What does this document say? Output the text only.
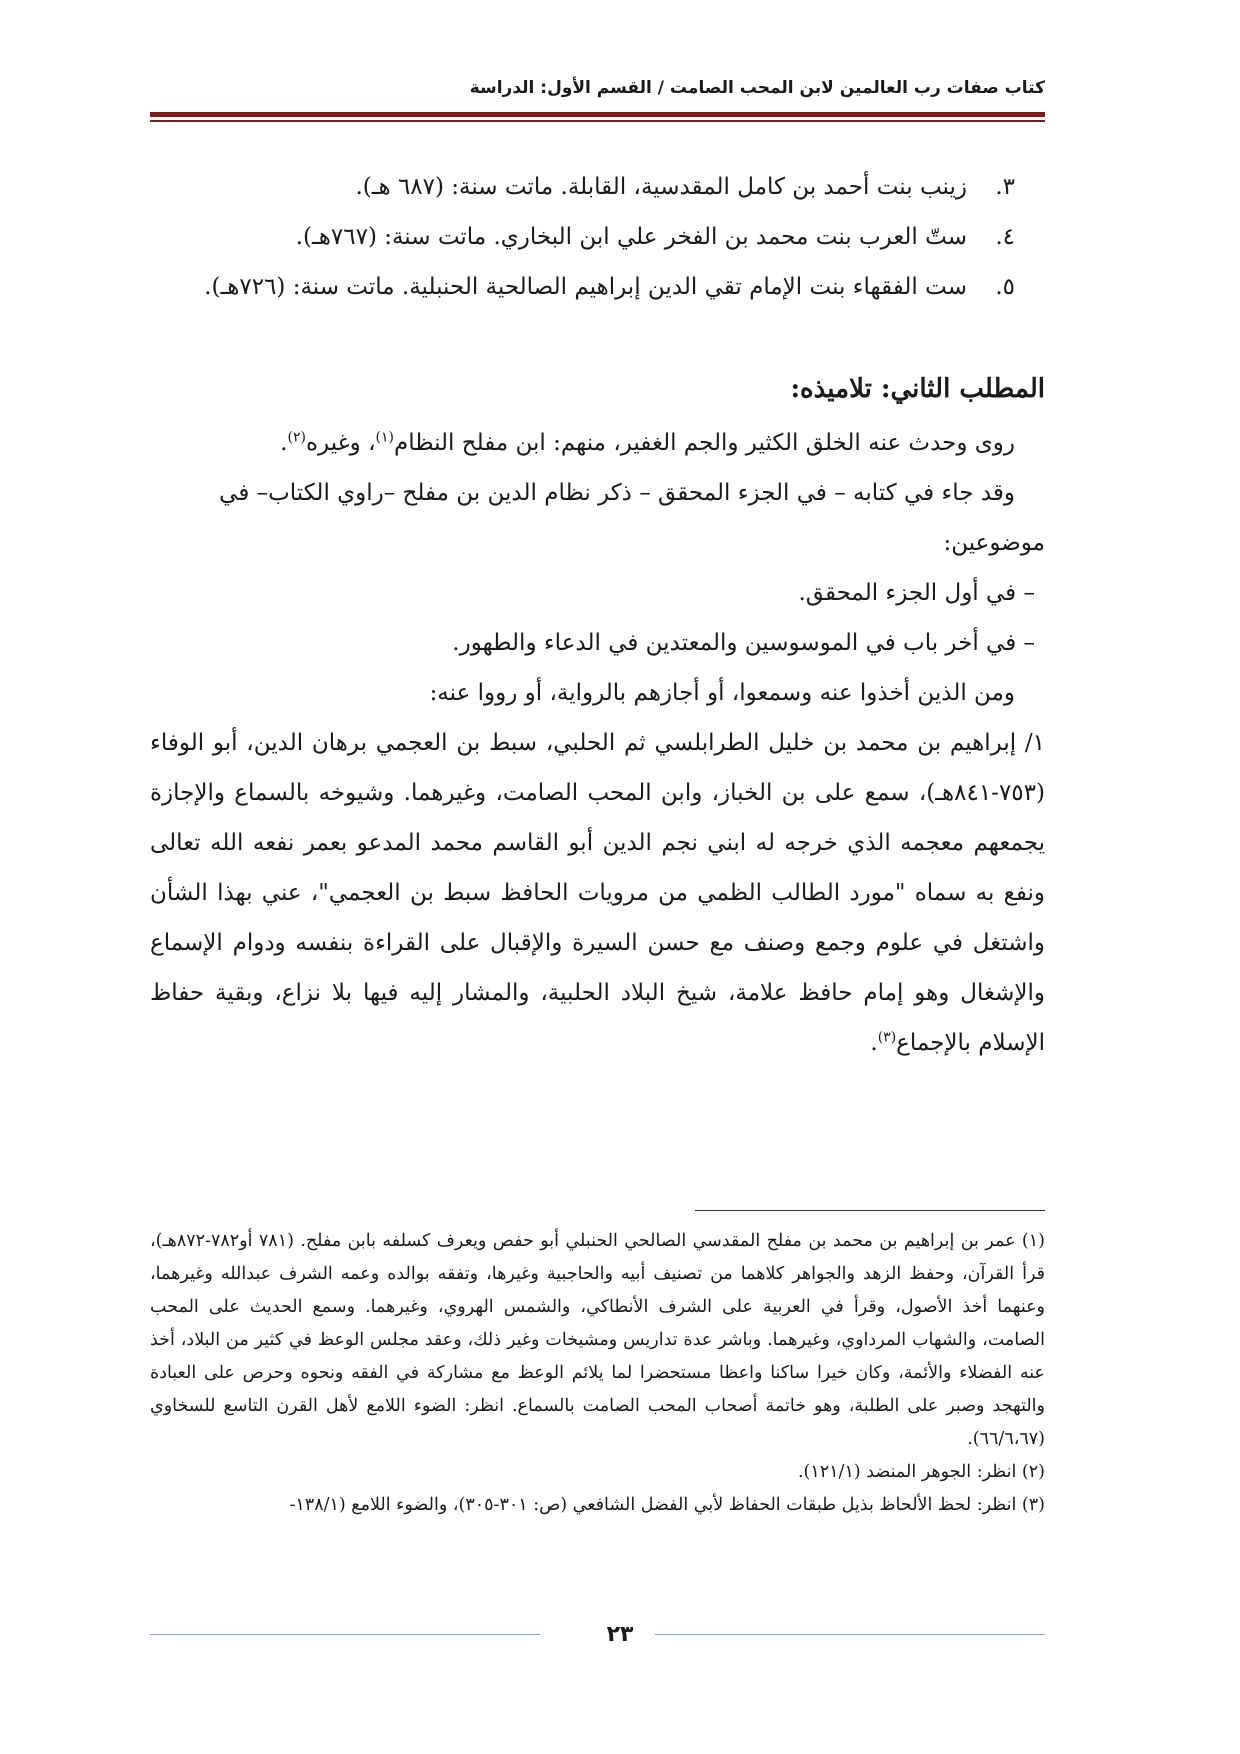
كتاب صفات رب العالمين لابن المحب الصامت / القسم الأول: الدراسة

٣.زينب بنت أحمد بن كامل المقدسية، القابلة. ماتت سنة: (٦٨٧ هـ).

٤.ستّ العرب بنت محمد بن الفخر علي ابن البخاري. ماتت سنة: (٧٦٧هـ).

٥.ست الفقهاء بنت الإمام تقي الدين إبراهيم الصالحية الحنبلية. ماتت سنة: (٧٢٦هـ).

المطلب الثاني: تلاميذه:

روى وحدث عنه الخلق الكثير والجم الغفير، منهم: ابن مفلح النظام$^{(١)}$، وغيره$^{(٢)}$.

وقد جاء في كتابه – في الجزء المحقق – ذكر نظام الدين بن مفلح –راوي الكتاب– في

موضوعين:

– في أول الجزء المحقق.

– في أخر باب في الموسوسين والمعتدين في الدعاء والطهور.

ومن الذين أخذوا عنه وسمعوا، أو أجازهم بالرواية، أو رووا عنه:

١/ إبراهيم بن محمد بن خليل الطرابلسي ثم الحلبي، سبط بن العجمي برهان الدين، أبو الوفاء (٧٥٣-٨٤١هـ)، سمع على بن الخباز، وابن المحب الصامت، وغيرهما. وشيوخه بالسماع والإجازة يجمعهم معجمه الذي خرجه له ابني نجم الدين أبو القاسم محمد المدعو بعمر نفعه الله تعالى ونفع به سماه "مورد الطالب الظمي من مرويات الحافظ سبط بن العجمي"، عني بهذا الشأن واشتغل في علوم وجمع وصنف مع حسن السيرة والإقبال على القراءة بنفسه ودوام الإسماع والإشغال وهو إمام حافظ علامة، شيخ البلاد الحلبية، والمشار إليه فيها بلا نزاع، وبقية حفاظ الإسلام بالإجماع$^{(٣)}$.

(١) عمر بن إبراهيم بن محمد بن مفلح المقدسي الصالحي الحنبلي أبو حفص ويعرف كسلفه بابن مفلح. (٧٨١ أو٧٨٢-٨٧٢هـ)، قرأ القرآن، وحفظ الزهد والجواهر كلاهما من تصنيف أبيه والحاجبية وغيرها، وتفقه بوالده وعمه الشرف عبدالله وغيرهما، وعنهما أخذ الأصول، وقرأ في العربية على الشرف الأنطاكي، والشمس الهروي، وغيرهما. وسمع الحديث على المحب الصامت، والشهاب المرداوي، وغيرهما. وباشر عدة تداريس ومشيخات وغير ذلك، وعقد مجلس الوعظ في كثير من البلاد، أخذ عنه الفضلاء والأئمة، وكان خيرا ساكنا واعظا مستحضرا لما يلائم الوعظ مع مشاركة في الفقه ونحوه وحرص على العبادة والتهجد وصبر على الطلبة، وهو خاتمة أصحاب المحب الصامت بالسماع. انظر: الضوء اللامع لأهل القرن التاسع للسخاوي (٦٦/٦،٦٧).

(٢) انظر: الجوهر المنضد (١٢١/١).

(٣) انظر: لحظ الألحاظ بذيل طبقات الحفاظ لأبي الفضل الشافعي (ص: ٣٠١-٣٠٥)، والضوء اللامع (١٣٨/١-

٢٣
